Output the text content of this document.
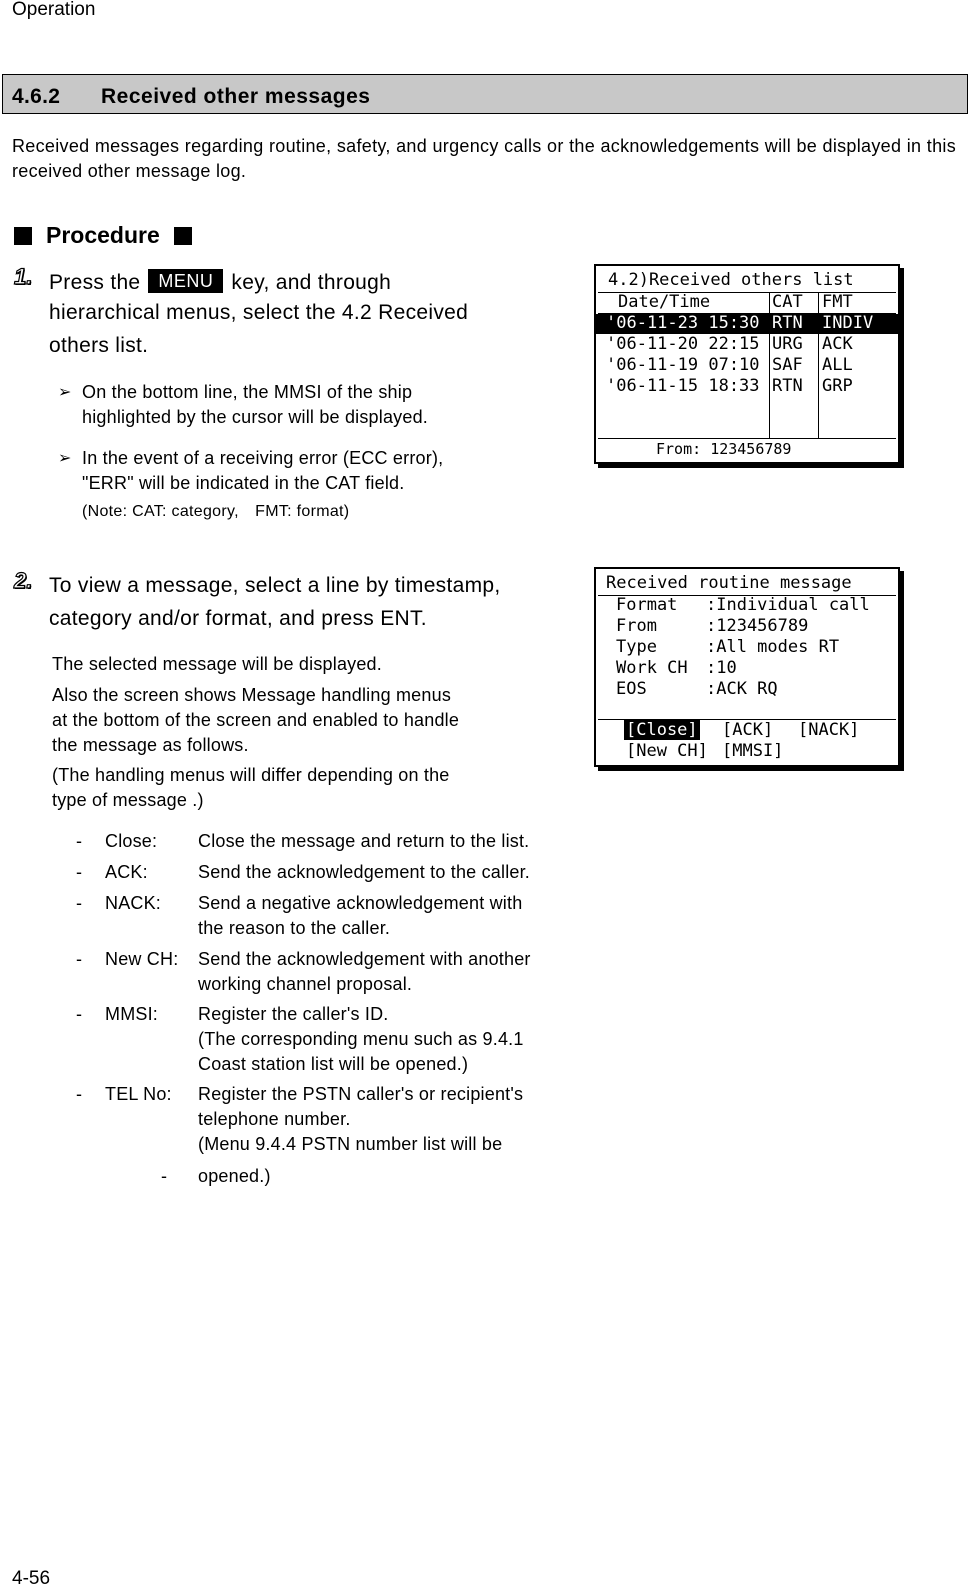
Operation
4.6.2 Received other messages
Received messages regarding routine, safety, and urgency calls or the acknowledgements will be displayed in this received other message log.
Procedure
1. Press the MENU key, and through
hierarchical menus, select the 4.2 Received
others list.
➢ On the bottom line, the MMSI of the ship
highlighted by the cursor will be displayed.
➢ In the event of a receiving error (ECC error),
"ERR" will be indicated in the CAT field.
(Note: CAT: category,　FMT: format)
4.2)Received others list
Date/Time	CAT FMT
'06-11-23 15:30 RTN INDIV
'06-11-20 22:15 URG ACK
'06-11-19 07:10 SAF ALL
'06-11-15 18:33 RTN GRP
From: 123456789
2. To view a message, select a line by timestamp,
category and/or format, and press ENT.
The selected message will be displayed.
Also the screen shows Message handling menus
at the bottom of the screen and enabled to handle
the message as follows.
(The handling menus will differ depending on the
type of message .)
- Close: Close the message and return to the list.
- ACK:	Send the acknowledgement to the caller.
- NACK: Send a negative acknowledgement with
the reason to the caller.
- New CH: Send the acknowledgement with another
working channel proposal.
- MMSI: Register the caller's ID.
(The corresponding menu such as 9.4.1
Coast station list will be opened.)
- TEL No: Register the PSTN caller's or recipient's
telephone number.
(Menu 9.4.4 PSTN number list will be
- opened.)
Received routine message
Format :Individual call
From	:123456789
Type	:All modes RT
Work CH :10
EOS	:ACK RQ
[Close] [ACK] [NACK]
[New CH] [MMSI]
4-56
